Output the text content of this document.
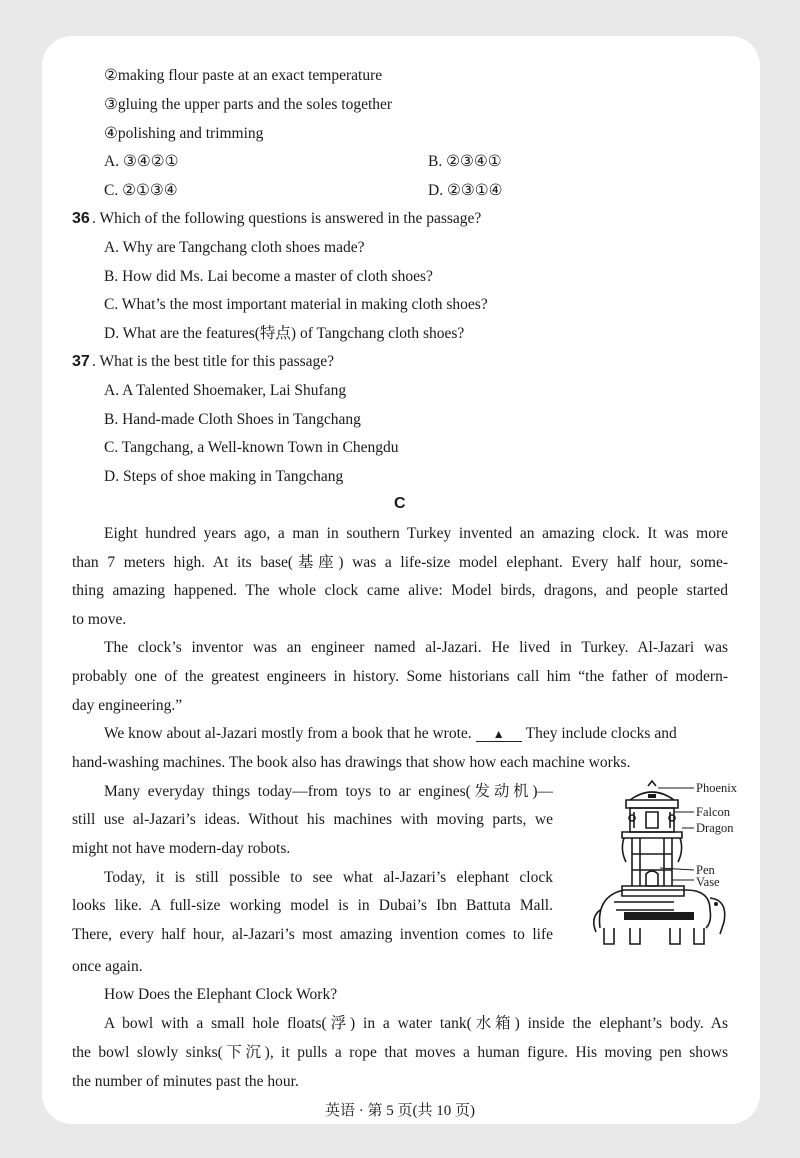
②making flour paste at an exact temperature
③gluing the upper parts and the soles together
④polishing and trimming
A. ③④②①	B. ②③④①
C. ②①③④	D. ②③①④
36 . Which of the following questions is answered in the passage?
A. Why are Tangchang cloth shoes made?
B. How did Ms. Lai become a master of cloth shoes?
C. What’s the most important material in making cloth shoes?
D. What are the features(特点) of Tangchang cloth shoes?
37 . What is the best title for this passage?
A. A Talented Shoemaker, Lai Shufang
B. Hand-made Cloth Shoes in Tangchang
C. Tangchang, a Well-known Town in Chengdu
D. Steps of shoe making in Tangchang
C
Eight hundred years ago, a man in southern Turkey invented an amazing clock. It was more
than 7 meters high. At its base(基座) was a life-size model elephant. Every half hour, some-
thing amazing happened. The whole clock came alive: Model birds, dragons, and people started
to move.
The clock’s inventor was an engineer named al-Jazari. He lived in Turkey. Al-Jazari was
probably one of the greatest engineers in history. Some historians call him “the father of modern-
day engineering.”
We know about al-Jazari mostly from a book that he wrote. ▲ They include clocks and
hand-washing machines. The book also has drawings that show how each machine works.
Many everyday things today—from toys to ar engines(发动机)—
still use al-Jazari’s ideas. Without his machines with moving parts, we
might not have modern-day robots.
Today, it is still possible to see what al-Jazari’s elephant clock
looks like. A full-size working model is in Dubai’s Ibn Battuta Mall.
There, every half hour, al-Jazari’s most amazing invention comes to life
once again.
How Does the Elephant Clock Work?
A bowl with a small hole floats(浮) in a water tank(水箱) inside the elephant’s body. As
the bowl slowly sinks(下沉), it pulls a rope that moves a human figure. His moving pen shows
the number of minutes past the hour.
Phoenix
Falcon
Dragon
Pen
Vase
英语 · 第 5 页(共 10 页)
